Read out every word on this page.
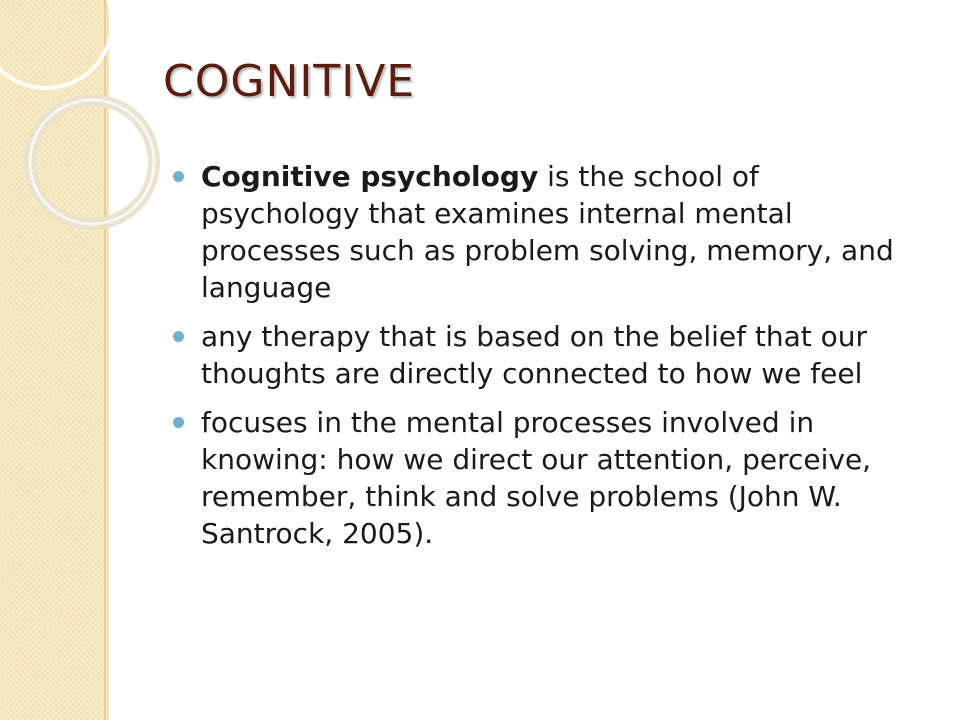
COGNITIVE
Cognitive psychology is the school of psychology that examines internal mental processes such as problem solving, memory, and language
any therapy that is based on the belief that our thoughts are directly connected to how we feel
focuses in the mental processes involved in knowing: how we direct our attention, perceive, remember, think and solve problems (John W. Santrock, 2005).
